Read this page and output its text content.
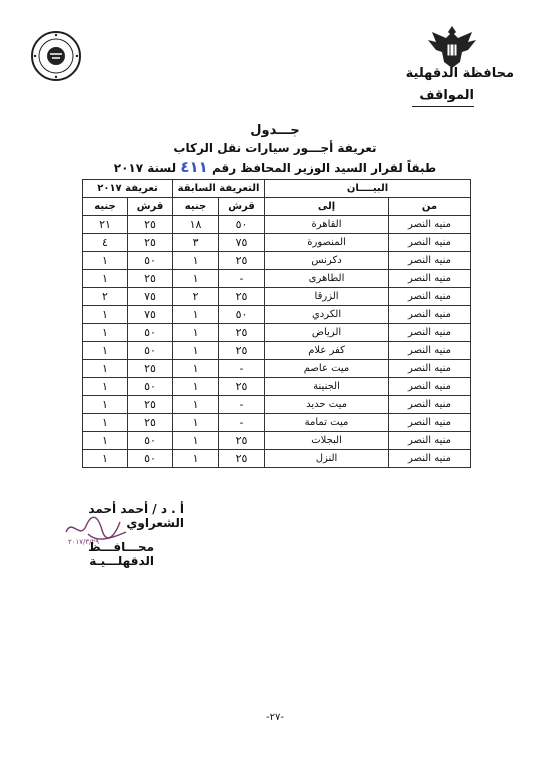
محافظة الدقهلية
المواقف
جـــدول
تعريفة أجـــور سيارات نقل الركاب
طبقاً لقرار السيد الوزير المحافظ رقم ٤١١ لسنة ٢٠١٧
البيــــان		التعريفة السابقة		تعريفة ٢٠١٧	
من	إلى	قرش	جنيه	قرش	جنيه
منيه النصر	القاهرة	٥٠	١٨	٢٥	٢١
منيه النصر	المنصورة	٧٥	٣	٢٥	٤
منيه النصر	دكرنس	٢٥	١	٥٠	١
منيه النصر	الطاهرى	-	١	٢٥	١
منيه النصر	الزرقا	٢٥	٢	٧٥	٢
منيه النصر	الكردي	٥٠	١	٧٥	١
منيه النصر	الرياض	٢٥	١	٥٠	١
منيه النصر	كفر علام	٢٥	١	٥٠	١
منيه النصر	ميت عاصم	-	١	٢٥	١
منيه النصر	الجنينة	٢٥	١	٥٠	١
منيه النصر	ميت حديد	-	١	٢٥	١
منيه النصر	ميت تمامة	-	١	٢٥	١
منيه النصر	البجلات	٢٥	١	٥٠	١
منيه النصر	النزل	٢٥	١	٥٠	١
أ . د / أحمد أحمد الشعراوي
٢٠١٧/٣/٢٩
محـــافـــظ الدقهلـــيـة
-٢٧-
